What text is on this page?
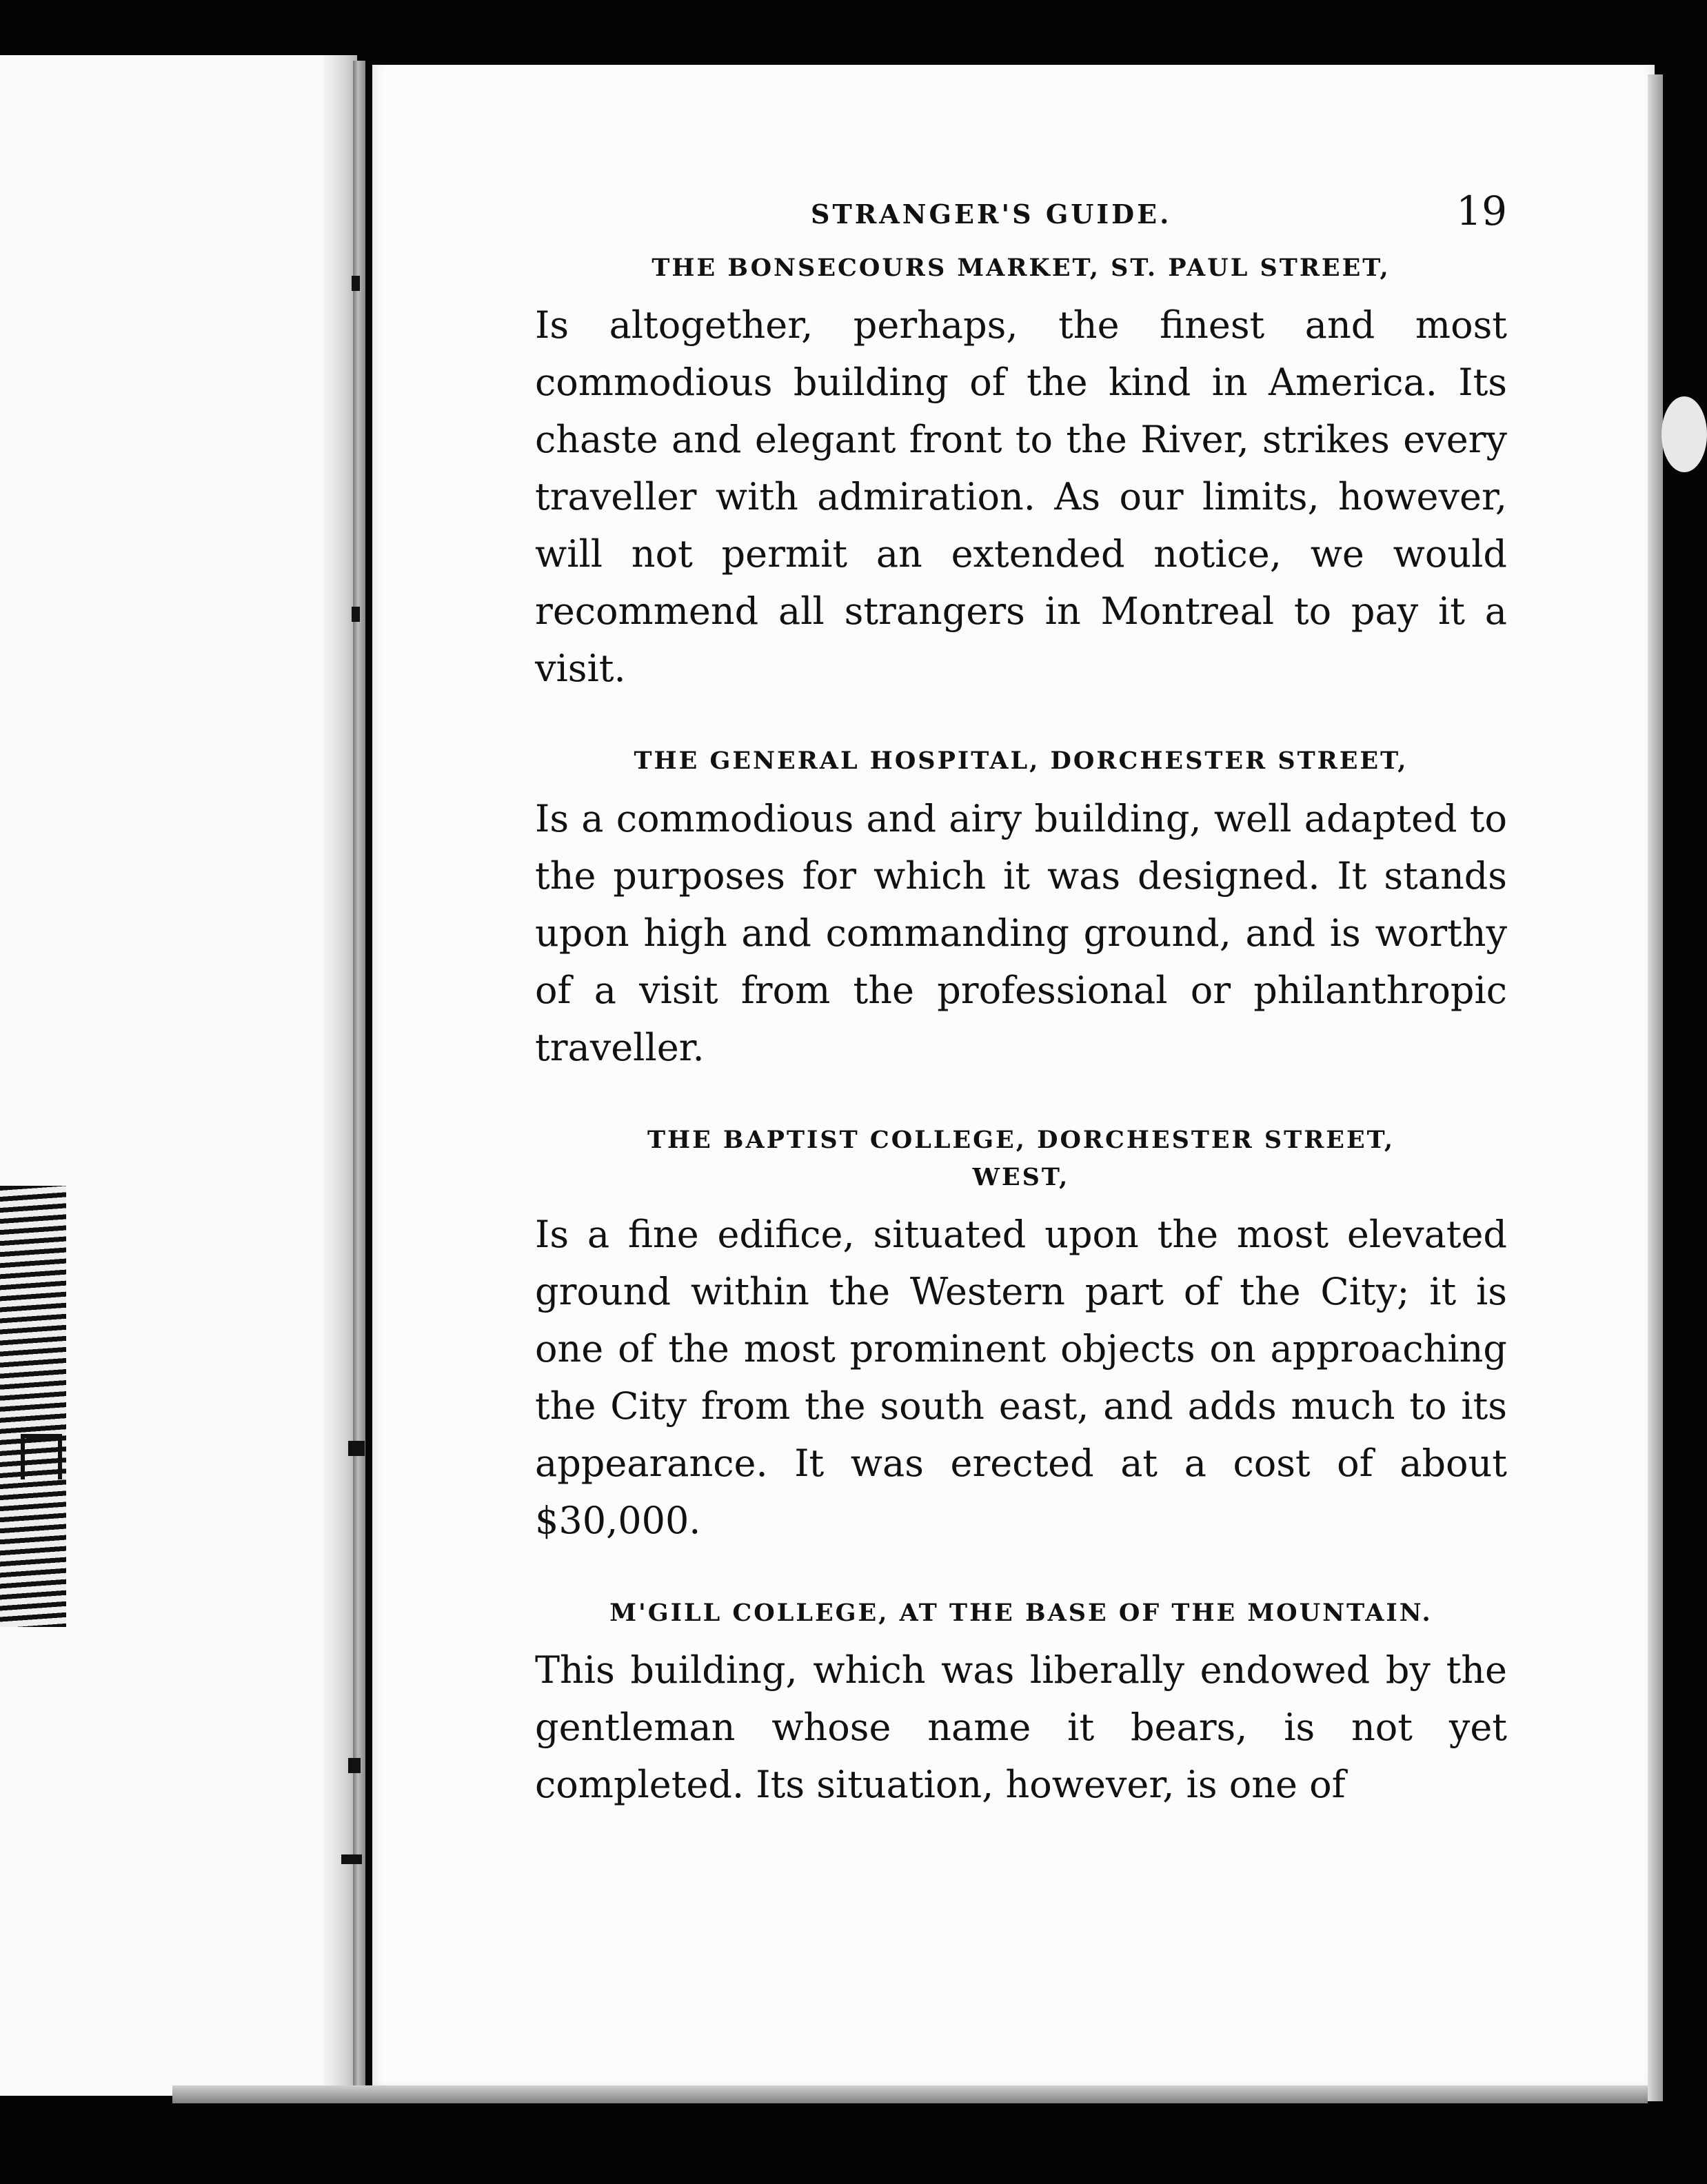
STRANGER'S GUIDE.	19
THE BONSECOURS MARKET, ST. PAUL STREET,
Is altogether, perhaps, the finest and most commodious building of the kind in America. Its chaste and elegant front to the River, strikes every traveller with admiration. As our limits, however, will not permit an extended notice, we would recommend all strangers in Montreal to pay it a visit.
THE GENERAL HOSPITAL, DORCHESTER STREET,
Is a commodious and airy building, well adapted to the purposes for which it was designed. It stands upon high and commanding ground, and is worthy of a visit from the professional or philanthropic traveller.
THE BAPTIST COLLEGE, DORCHESTER STREET,
WEST,
Is a fine edifice, situated upon the most elevated ground within the Western part of the City; it is one of the most prominent objects on approaching the City from the south east, and adds much to its appearance. It was erected at a cost of about $30,000.
M'GILL COLLEGE, AT THE BASE OF THE MOUNTAIN.
This building, which was liberally endowed by the gentleman whose name it bears, is not yet completed. Its situation, however, is one of
